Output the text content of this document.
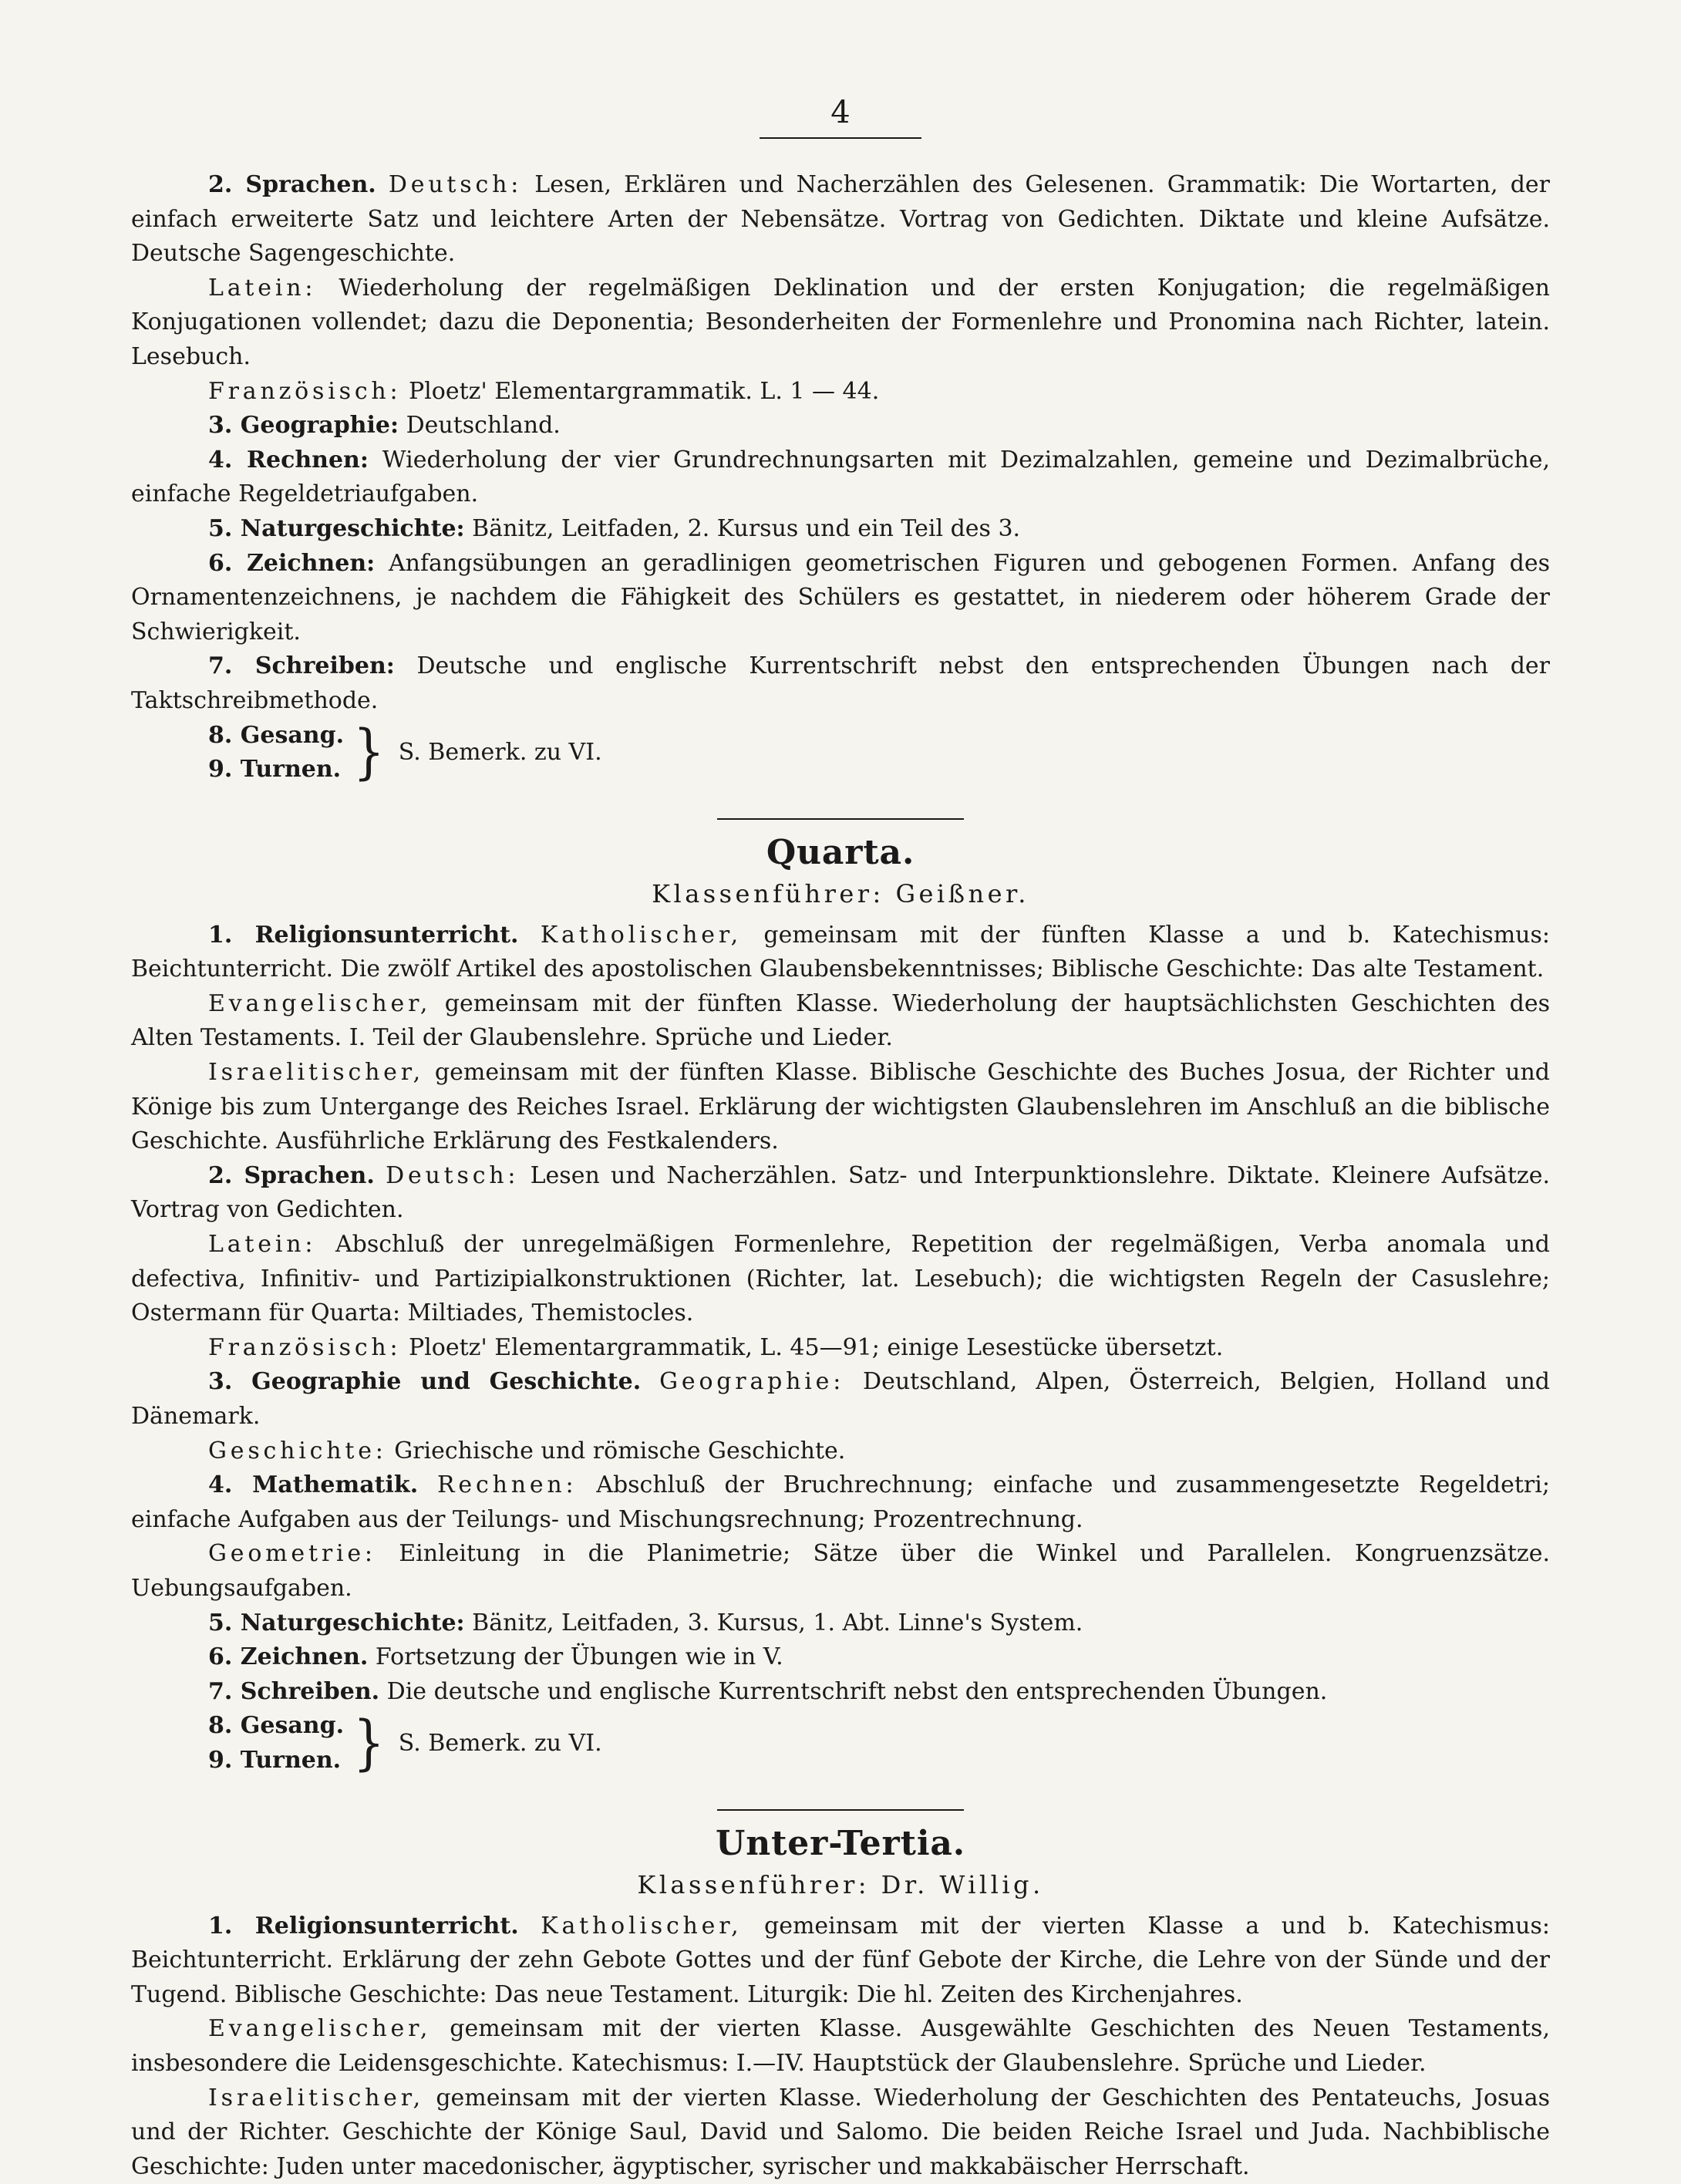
4

2. Sprachen. Deutsch: Lesen, Erklären und Nacherzählen des Gelesenen. Grammatik: Die Wortarten, der einfach erweiterte Satz und leichtere Arten der Nebensätze. Vortrag von Gedichten. Diktate und kleine Aufsätze. Deutsche Sagengeschichte.

Latein: Wiederholung der regelmäßigen Deklination und der ersten Konjugation; die regelmäßigen Konjugationen vollendet; dazu die Deponentia; Besonderheiten der Formenlehre und Pronomina nach Richter, latein. Lesebuch.

Französisch: Ploetz' Elementargrammatik. L. 1 — 44.

3. Geographie: Deutschland.

4. Rechnen: Wiederholung der vier Grundrechnungsarten mit Dezimalzahlen, gemeine und Dezimalbrüche, einfache Regeldetriaufgaben.

5. Naturgeschichte: Bänitz, Leitfaden, 2. Kursus und ein Teil des 3.

6. Zeichnen: Anfangsübungen an geradlinigen geometrischen Figuren und gebogenen Formen. Anfang des Ornamentenzeichnens, je nachdem die Fähigkeit des Schülers es gestattet, in niederem oder höherem Grade der Schwierigkeit.

7. Schreiben: Deutsche und englische Kurrentschrift nebst den entsprechenden Übungen nach der Taktschreibmethode.

8. Gesang.
9. Turnen. } S. Bemerk. zu VI.
Quarta.
Klassenführer: Geißner.

1. Religionsunterricht. Katholischer, gemeinsam mit der fünften Klasse a und b. Katechismus: Beichtunterricht. Die zwölf Artikel des apostolischen Glaubensbekenntnisses; Biblische Geschichte: Das alte Testament.

Evangelischer, gemeinsam mit der fünften Klasse. Wiederholung der hauptsächlichsten Geschichten des Alten Testaments. I. Teil der Glaubenslehre. Sprüche und Lieder.

Israelitischer, gemeinsam mit der fünften Klasse. Biblische Geschichte des Buches Josua, der Richter und Könige bis zum Untergange des Reiches Israel. Erklärung der wichtigsten Glaubenslehren im Anschluß an die biblische Geschichte. Ausführliche Erklärung des Festkalenders.

2. Sprachen. Deutsch: Lesen und Nacherzählen. Satz- und Interpunktionslehre. Diktate. Kleinere Aufsätze. Vortrag von Gedichten.

Latein: Abschluß der unregelmäßigen Formenlehre, Repetition der regelmäßigen, Verba anomala und defectiva, Infinitiv- und Partizipialkonstruktionen (Richter, lat. Lesebuch); die wichtigsten Regeln der Casuslehre; Ostermann für Quarta: Miltiades, Themistocles.

Französisch: Ploetz' Elementargrammatik, L. 45—91; einige Lesestücke übersetzt.

3. Geographie und Geschichte. Geographie: Deutschland, Alpen, Österreich, Belgien, Holland und Dänemark.

Geschichte: Griechische und römische Geschichte.

4. Mathematik. Rechnen: Abschluß der Bruchrechnung; einfache und zusammengesetzte Regeldetri; einfache Aufgaben aus der Teilungs- und Mischungsrechnung; Prozentrechnung.

Geometrie: Einleitung in die Planimetrie; Sätze über die Winkel und Parallelen. Kongruenzsätze. Uebungsaufgaben.

5. Naturgeschichte: Bänitz, Leitfaden, 3. Kursus, 1. Abt. Linne's System.

6. Zeichnen. Fortsetzung der Übungen wie in V.

7. Schreiben. Die deutsche und englische Kurrentschrift nebst den entsprechenden Übungen.

8. Gesang.
9. Turnen. } S. Bemerk. zu VI.
Unter-Tertia.
Klassenführer: Dr. Willig.

1. Religionsunterricht. Katholischer, gemeinsam mit der vierten Klasse a und b. Katechismus: Beichtunterricht. Erklärung der zehn Gebote Gottes und der fünf Gebote der Kirche, die Lehre von der Sünde und der Tugend. Biblische Geschichte: Das neue Testament. Liturgik: Die hl. Zeiten des Kirchenjahres.

Evangelischer, gemeinsam mit der vierten Klasse. Ausgewählte Geschichten des Neuen Testaments, insbesondere die Leidensgeschichte. Katechismus: I.—IV. Hauptstück der Glaubenslehre. Sprüche und Lieder.

Israelitischer, gemeinsam mit der vierten Klasse. Wiederholung der Geschichten des Pentateuchs, Josuas und der Richter. Geschichte der Könige Saul, David und Salomo. Die beiden Reiche Israel und Juda. Nachbiblische Geschichte: Juden unter macedonischer, ägyptischer, syrischer und makkabäischer Herrschaft.
